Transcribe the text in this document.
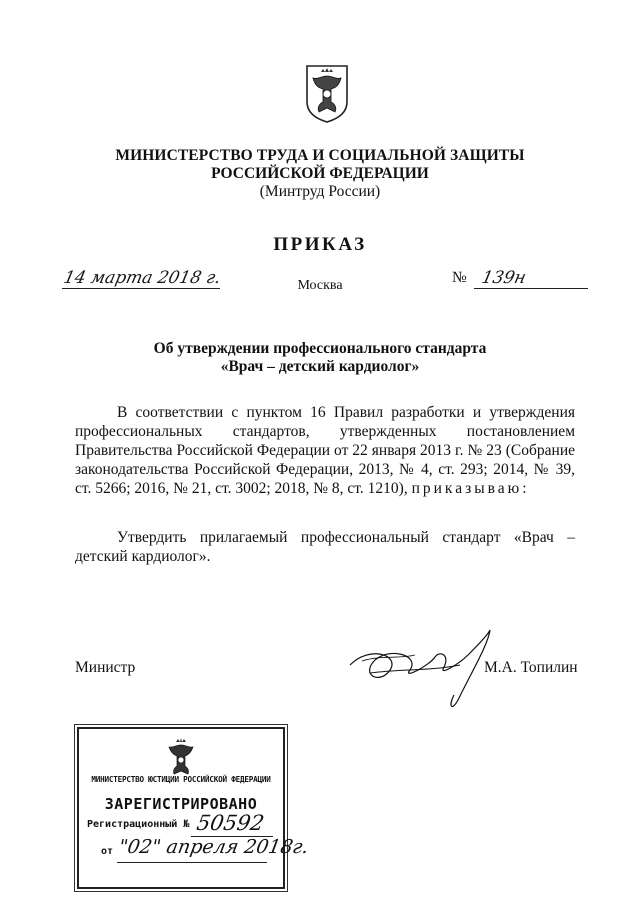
МИНИСТЕРСТВО ТРУДА И СОЦИАЛЬНОЙ ЗАЩИТЫ
РОССИЙСКОЙ ФЕДЕРАЦИИ
(Минтруд России)
ПРИКАЗ
14 марта 2018 г.	№ 139н
Москва
Об утверждении профессионального стандарта
«Врач – детский кардиолог»
В соответствии с пунктом 16 Правил разработки и утверждения профессиональных стандартов, утвержденных постановлением Правительства Российской Федерации от 22 января 2013 г. № 23 (Собрание законодательства Российской Федерации, 2013, № 4, ст. 293; 2014, № 39, ст. 5266; 2016, № 21, ст. 3002; 2018, № 8, ст. 1210), приказываю:
Утвердить прилагаемый профессиональный стандарт «Врач – детский кардиолог».
Министр	М.А. Топилин
МИНИСТЕРСТВО ЮСТИЦИИ РОССИЙСКОЙ ФЕДЕРАЦИИ
ЗАРЕГИСТРИРОВАНО
Регистрационный № 50592
от "02" апреля 2018г.
